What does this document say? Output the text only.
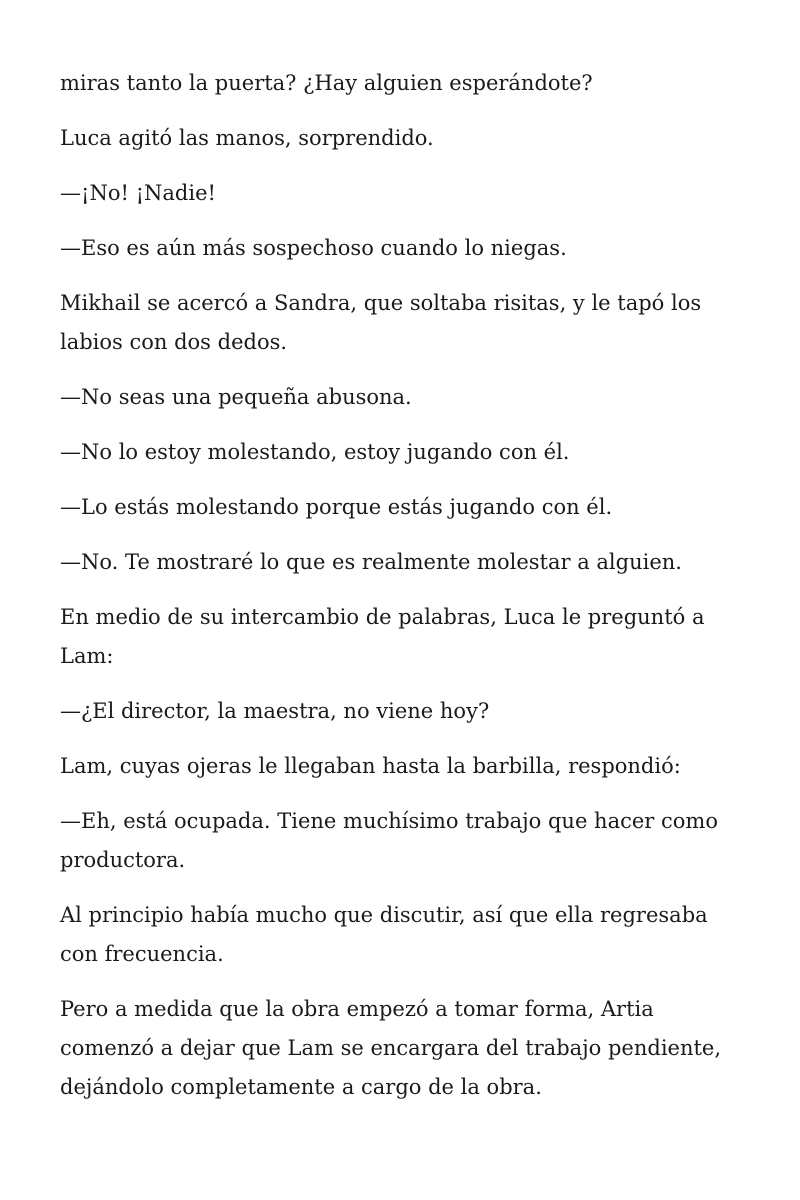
miras tanto la puerta? ¿Hay alguien esperándote?

Luca agitó las manos, sorprendido.

—¡No! ¡Nadie!

—Eso es aún más sospechoso cuando lo niegas.

Mikhail se acercó a Sandra, que soltaba risitas, y le tapó los labios con dos dedos.

—No seas una pequeña abusona.

—No lo estoy molestando, estoy jugando con él.

—Lo estás molestando porque estás jugando con él.

—No. Te mostraré lo que es realmente molestar a alguien.

En medio de su intercambio de palabras, Luca le preguntó a Lam:

—¿El director, la maestra, no viene hoy?

Lam, cuyas ojeras le llegaban hasta la barbilla, respondió:

—Eh, está ocupada. Tiene muchísimo trabajo que hacer como productora.

Al principio había mucho que discutir, así que ella regresaba con frecuencia.

Pero a medida que la obra empezó a tomar forma, Artia comenzó a dejar que Lam se encargara del trabajo pendiente, dejándolo completamente a cargo de la obra.
